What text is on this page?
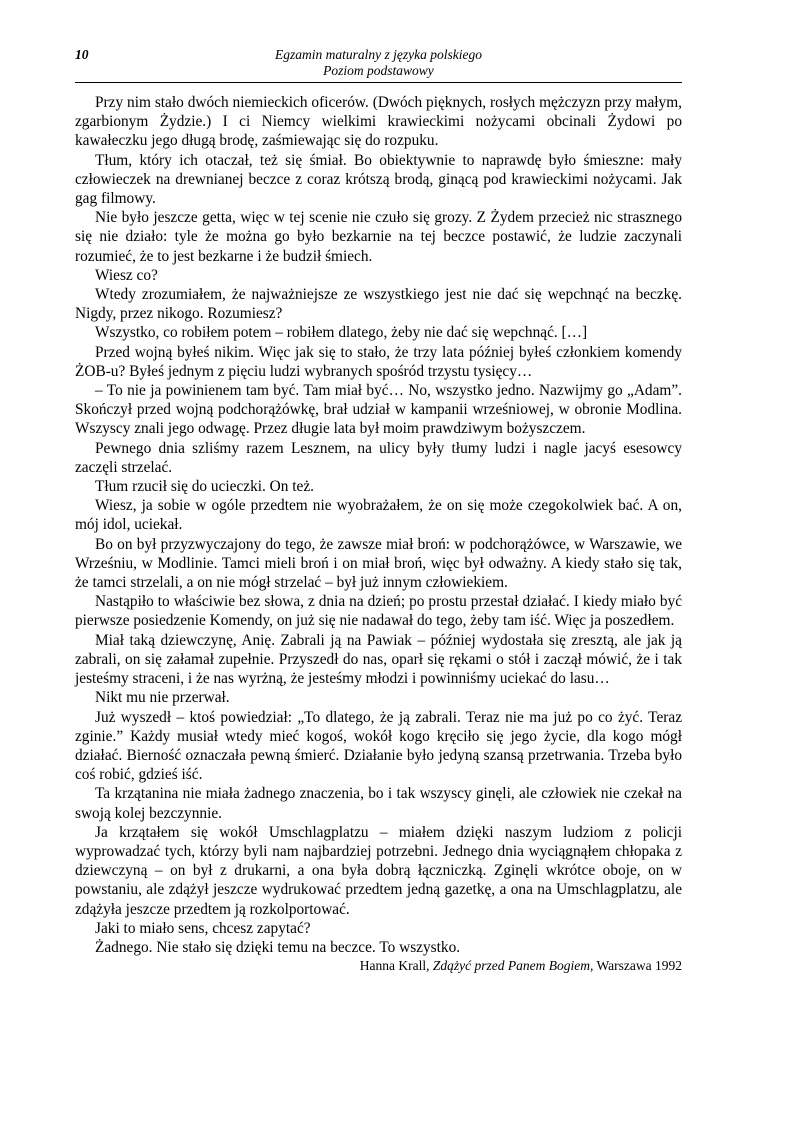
10	Egzamin maturalny z języka polskiego
Poziom podstawowy

Przy nim stało dwóch niemieckich oficerów. (Dwóch pięknych, rosłych mężczyzn przy małym, zgarbionym Żydzie.) I ci Niemcy wielkimi krawieckimi nożycami obcinali Żydowi po kawałeczku jego długą brodę, zaśmiewając się do rozpuku.

Tłum, który ich otaczał, też się śmiał. Bo obiektywnie to naprawdę było śmieszne: mały człowieczek na drewnianej beczce z coraz krótszą brodą, ginącą pod krawieckimi nożycami. Jak gag filmowy.

Nie było jeszcze getta, więc w tej scenie nie czuło się grozy. Z Żydem przecież nic strasznego się nie działo: tyle że można go było bezkarnie na tej beczce postawić, że ludzie zaczynali rozumieć, że to jest bezkarne i że budził śmiech.

Wiesz co?

Wtedy zrozumiałem, że najważniejsze ze wszystkiego jest nie dać się wepchnąć na beczkę. Nigdy, przez nikogo. Rozumiesz?

Wszystko, co robiłem potem – robiłem dlatego, żeby nie dać się wepchnąć. […]

Przed wojną byłeś nikim. Więc jak się to stało, że trzy lata później byłeś członkiem komendy ŻOB-u? Byłeś jednym z pięciu ludzi wybranych spośród trzystu tysięcy…

– To nie ja powinienem tam być. Tam miał być… No, wszystko jedno. Nazwijmy go „Adam”. Skończył przed wojną podchorążówkę, brał udział w kampanii wrześniowej, w obronie Modlina. Wszyscy znali jego odwagę. Przez długie lata był moim prawdziwym bożyszczem.

Pewnego dnia szliśmy razem Lesznem, na ulicy były tłumy ludzi i nagle jacyś esesowcy zaczęli strzelać.

Tłum rzucił się do ucieczki. On też.

Wiesz, ja sobie w ogóle przedtem nie wyobrażałem, że on się może czegokolwiek bać. A on, mój idol, uciekał.

Bo on był przyzwyczajony do tego, że zawsze miał broń: w podchorążówce, w Warszawie, we Wrześniu, w Modlinie. Tamci mieli broń i on miał broń, więc był odważny. A kiedy stało się tak, że tamci strzelali, a on nie mógł strzelać – był już innym człowiekiem.

Nastąpiło to właściwie bez słowa, z dnia na dzień; po prostu przestał działać. I kiedy miało być pierwsze posiedzenie Komendy, on już się nie nadawał do tego, żeby tam iść. Więc ja poszedłem.

Miał taką dziewczynę, Anię. Zabrali ją na Pawiak – później wydostała się zresztą, ale jak ją zabrali, on się załamał zupełnie. Przyszedł do nas, oparł się rękami o stół i zaczął mówić, że i tak jesteśmy straceni, i że nas wyrżną, że jesteśmy młodzi i powinniśmy uciekać do lasu…

Nikt mu nie przerwał.

Już wyszedł – ktoś powiedział: „To dlatego, że ją zabrali. Teraz nie ma już po co żyć. Teraz zginie.” Każdy musiał wtedy mieć kogoś, wokół kogo kręciło się jego życie, dla kogo mógł działać. Bierność oznaczała pewną śmierć. Działanie było jedyną szansą przetrwania. Trzeba było coś robić, gdzieś iść.

Ta krzątanina nie miała żadnego znaczenia, bo i tak wszyscy ginęli, ale człowiek nie czekał na swoją kolej bezczynnie.

Ja krzątałem się wokół Umschlagplatzu – miałem dzięki naszym ludziom z policji wyprowadzać tych, którzy byli nam najbardziej potrzebni. Jednego dnia wyciągnąłem chłopaka z dziewczyną – on był z drukarni, a ona była dobrą łączniczką. Zginęli wkrótce oboje, on w powstaniu, ale zdążył jeszcze wydrukować przedtem jedną gazetkę, a ona na Umschlagplatzu, ale zdążyła jeszcze przedtem ją rozkolportować.

Jaki to miało sens, chcesz zapytać?

Żadnego. Nie stało się dzięki temu na beczce. To wszystko.

Hanna Krall, Zdążyć przed Panem Bogiem, Warszawa 1992
